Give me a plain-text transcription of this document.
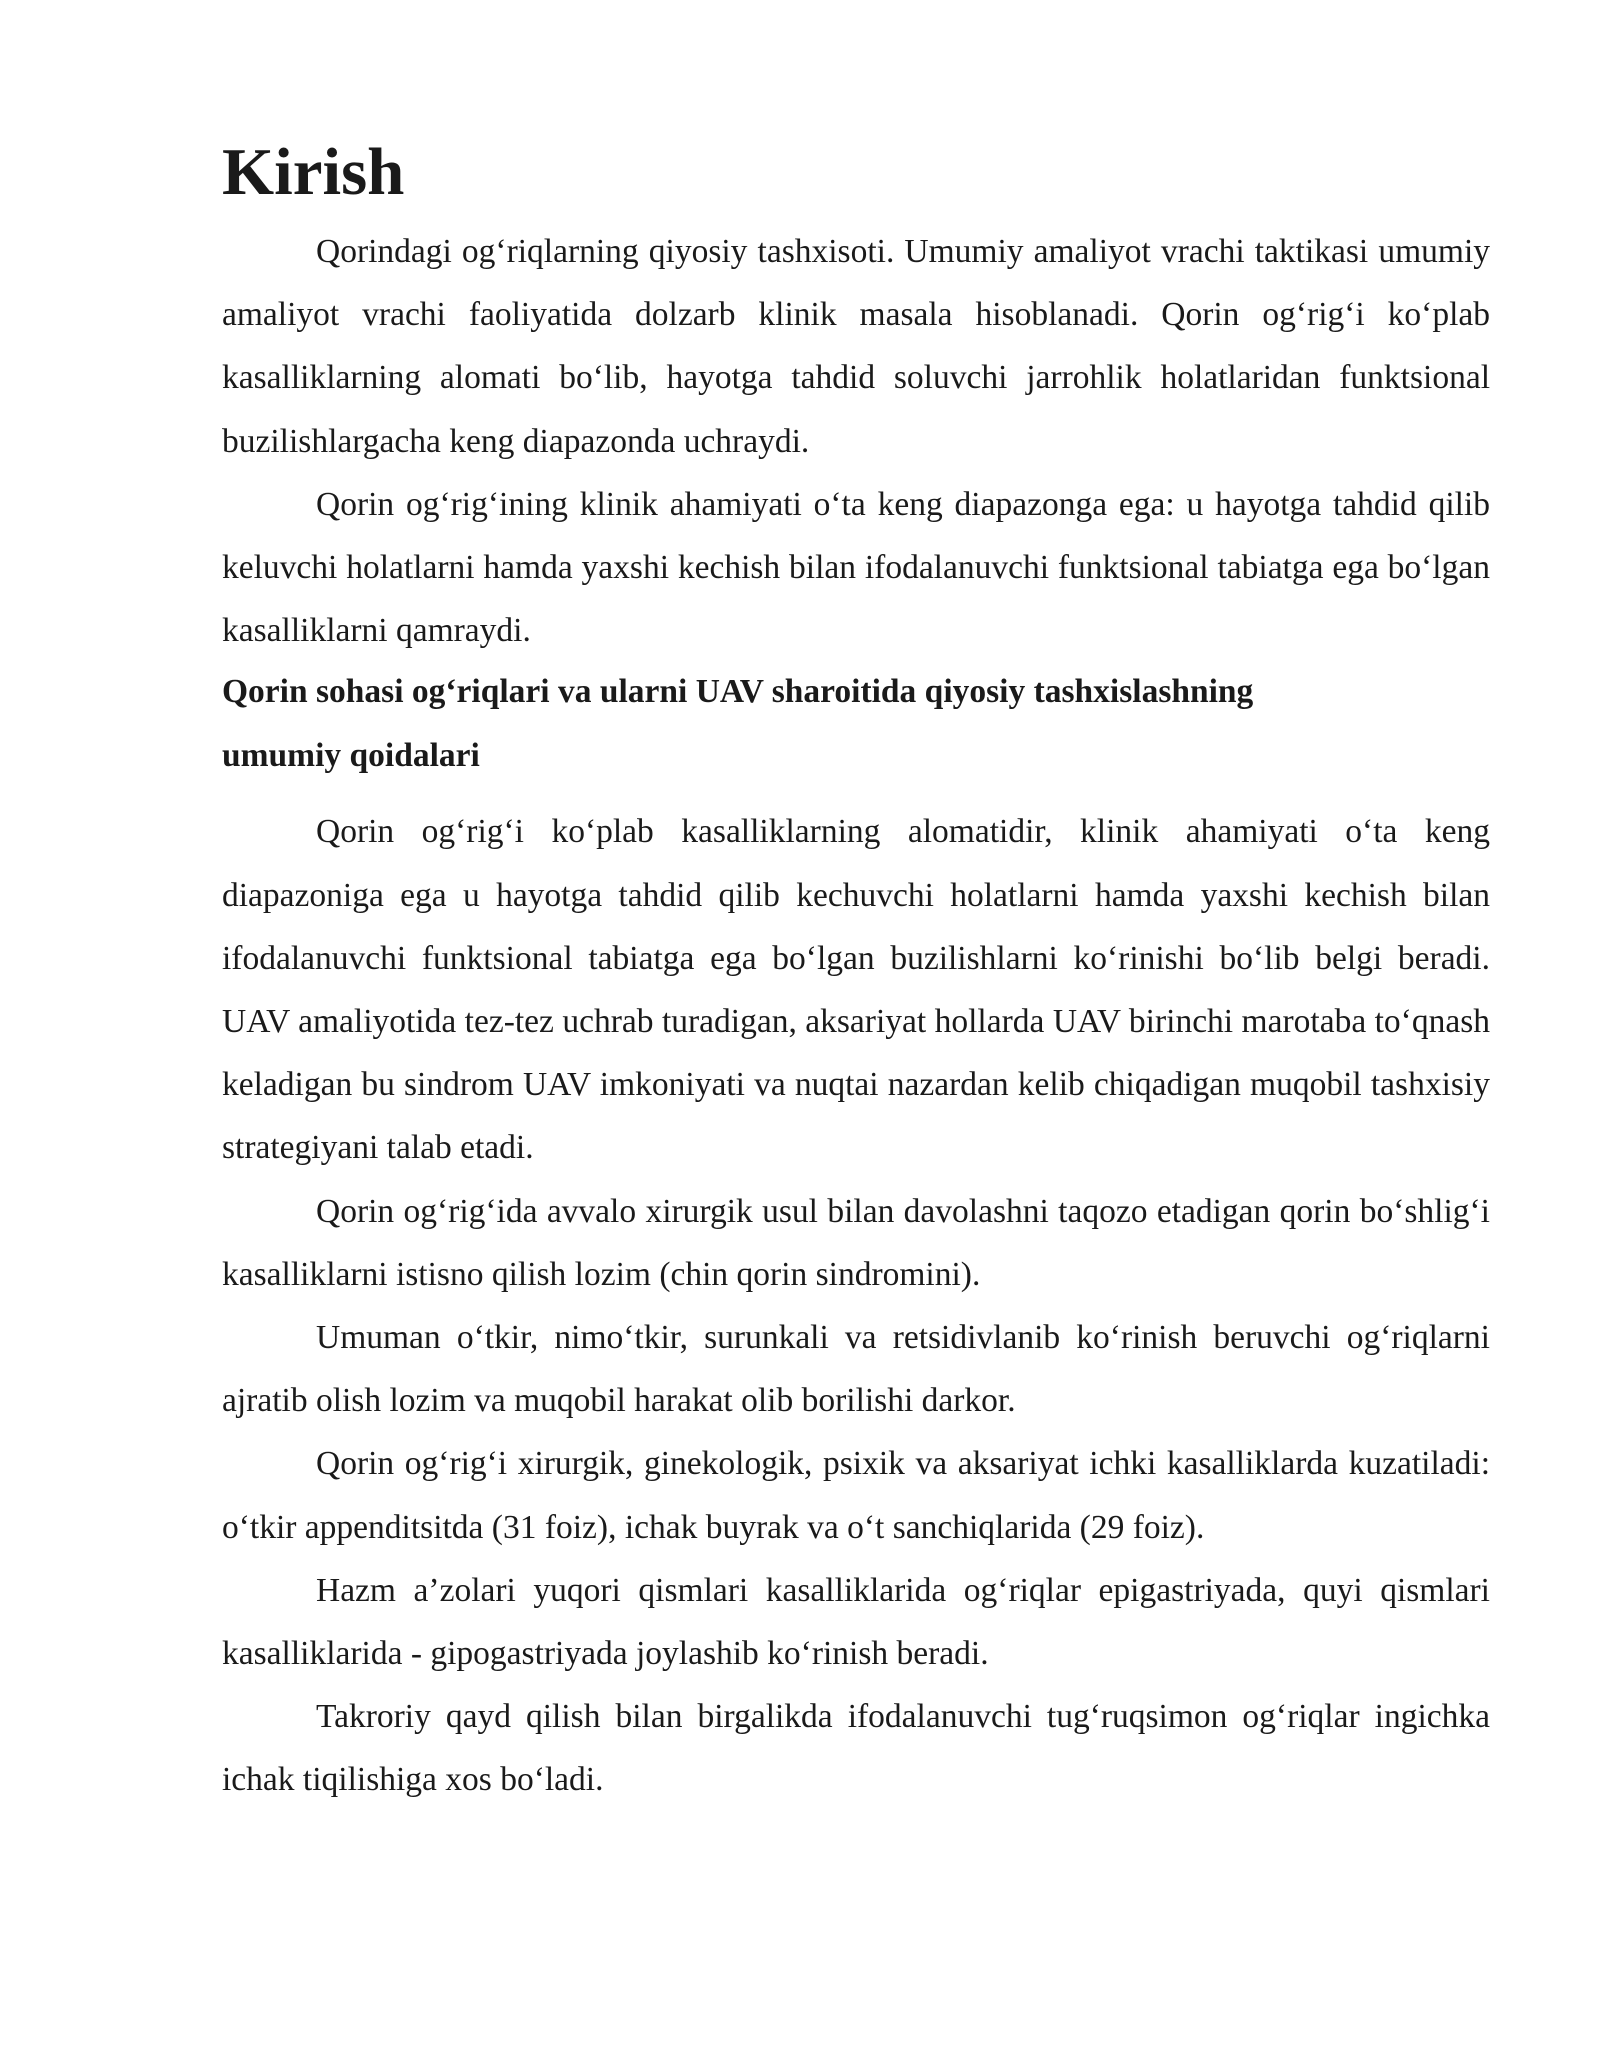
Kirish

Qorindagi og‘riqlarning qiyosiy tashxisoti. Umumiy amaliyot vrachi taktikasi umumiy amaliyot vrachi faoliyatida dolzarb klinik masala hisoblanadi. Qorin og‘rig‘i ko‘plab kasalliklarning alomati bo‘lib, hayotga tahdid soluvchi jarrohlik holatlaridan funktsional buzilishlargacha keng diapazonda uchraydi.

Qorin og‘rig‘ining klinik ahamiyati o‘ta keng diapazonga ega: u hayotga tahdid qilib keluvchi holatlarni hamda yaxshi kechish bilan ifodalanuvchi funktsional tabiatga ega bo‘lgan kasalliklarni qamraydi.

Qorin sohasi og‘riqlari va ularni UAV sharoitida qiyosiy tashxislashning umumiy qoidalari

Qorin og‘rig‘i ko‘plab kasalliklarning alomatidir, klinik ahamiyati o‘ta keng diapazoniga ega u hayotga tahdid qilib kechuvchi holatlarni hamda yaxshi kechish bilan ifodalanuvchi funktsional tabiatga ega bo‘lgan buzilishlarni ko‘rinishi bo‘lib belgi beradi. UAV amaliyotida tez-tez uchrab turadigan, aksariyat hollarda UAV birinchi marotaba to‘qnash keladigan bu sindrom UAV imkoniyati va nuqtai nazardan kelib chiqadigan muqobil tashxisiy strategiyani talab etadi.

Qorin og‘rig‘ida avvalo xirurgik usul bilan davolashni taqozo etadigan qorin bo‘shlig‘i kasalliklarni istisno qilish lozim (chin qorin sindromini).

Umuman o‘tkir, nimo‘tkir, surunkali va retsidivlanib ko‘rinish beruvchi og‘riqlarni ajratib olish lozim va muqobil harakat olib borilishi darkor.

Qorin og‘rig‘i xirurgik, ginekologik, psixik va aksariyat ichki kasalliklarda kuzatiladi: o‘tkir appenditsitda (31 foiz), ichak buyrak va o‘t sanchiqlarida (29 foiz).

Hazm a’zolari yuqori qismlari kasalliklarida og‘riqlar epigastriyada, quyi qismlari kasalliklarida - gipogastriyada joylashib ko‘rinish beradi.

Takroriy qayd qilish bilan birgalikda ifodalanuvchi tug‘ruqsimon og‘riqlar ingichka ichak tiqilishiga xos bo‘ladi.
